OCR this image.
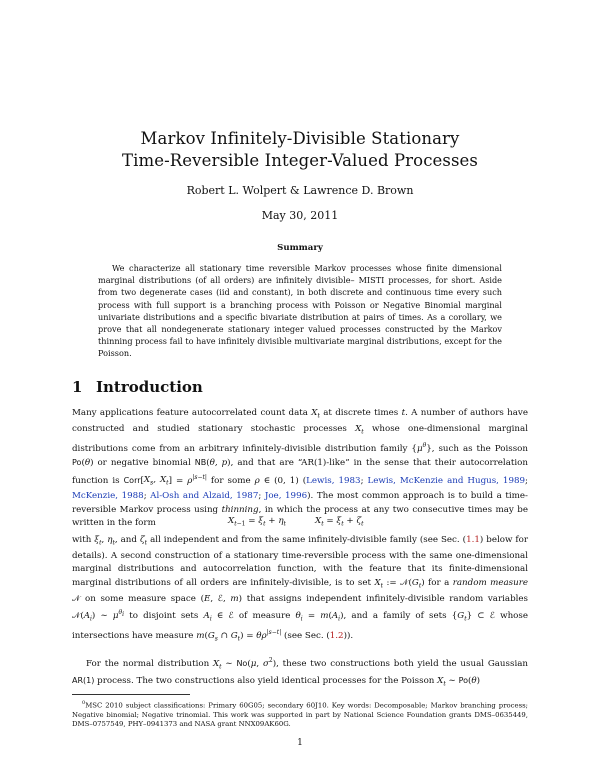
Markov Infinitely-Divisible Stationary
Time-Reversible Integer-Valued Processes
Robert L. Wolpert & Lawrence D. Brown
May 30, 2011
Summary

We characterize all stationary time reversible Markov processes whose finite dimensional marginal distributions (of all orders) are infinitely divisible– MISTI processes, for short. Aside from two degenerate cases (iid and constant), in both discrete and continuous time every such process with full support is a branching process with Poisson or Negative Binomial marginal univariate distributions and a specific bivariate distribution at pairs of times. As a corollary, we prove that all nondegenerate stationary integer valued processes constructed by the Markov thinning process fail to have infinitely divisible multivariate marginal distributions, except for the Poisson.

1 Introduction

Many applications feature autocorrelated count data $X_t$ at discrete times t. A number of authors have constructed and studied stationary stochastic processes $X_t$ whose one-dimensional marginal distributions come from an arbitrary infinitely-divisible distribution family $\{\mu^\theta\}$, such as the Poisson Po(θ) or negative binomial NB(θ, p), and that are “AR(1)-like” in the sense that their autocorrelation function is $Corr[X_s$, $X_t] = \rho^{|s-t|}$ for some ρ ∈ (0, 1) (Lewis, 1983; Lewis, McKenzie and Hugus, 1989; McKenzie, 1988; Al-Osh and Alzaid, 1987; Joe, 1996). The most common approach is to build a time-reversible Markov process using thinning, in which the process at any two consecutive times may be written in the form	$X_{t-1} = \xi_t + \eta_t$	$X_t = \xi_t + \zeta_t$

with $\xi_t$, $\eta_t$, and $\zeta_t$ all independent and from the same infinitely-divisible family (see Sec. (1.1) below for details). A second construction of a stationary time-reversible process with the same one-dimensional marginal distributions and autocorrelation function, with the feature that its finite-dimensional marginal distributions of all orders are infinitely-divisible, is to set $X_t$ := $𝒩(G_t)$ for a random measure 𝒩 on some measure space (E, ℰ, m) that assigns independent infinitely-divisible random variables $𝒩(A_i)$ ∼ $\mu^{\theta_i}$ to disjoint sets $A_i$ ∈ ℰ of measure $\theta_i = m(A_i)$, and a family of sets $\{G_t\}$ ⊂ ℰ whose intersections have measure $m(G_s$ ∩ $G_t) = \theta\rho^{|s-t|}$ (see Sec. (1.2)).

For the normal distribution $X_t$ ∼ No(μ, $\sigma^2$), these two constructions both yield the usual Gaussian AR(1) process. The two constructions also yield identical processes for the Poisson $X_t$ ∼ Po(θ)

$^0$MSC 2010 subject classifications: Primary 60G05; secondary 60J10. Key words: Decomposable; Markov branching process; Negative binomial; Negative trinomial. This work was supported in part by National Science Foundation grants DMS–0635449, DMS–0757549, PHY–0941373 and NASA grant NNX09AK60G.

1
